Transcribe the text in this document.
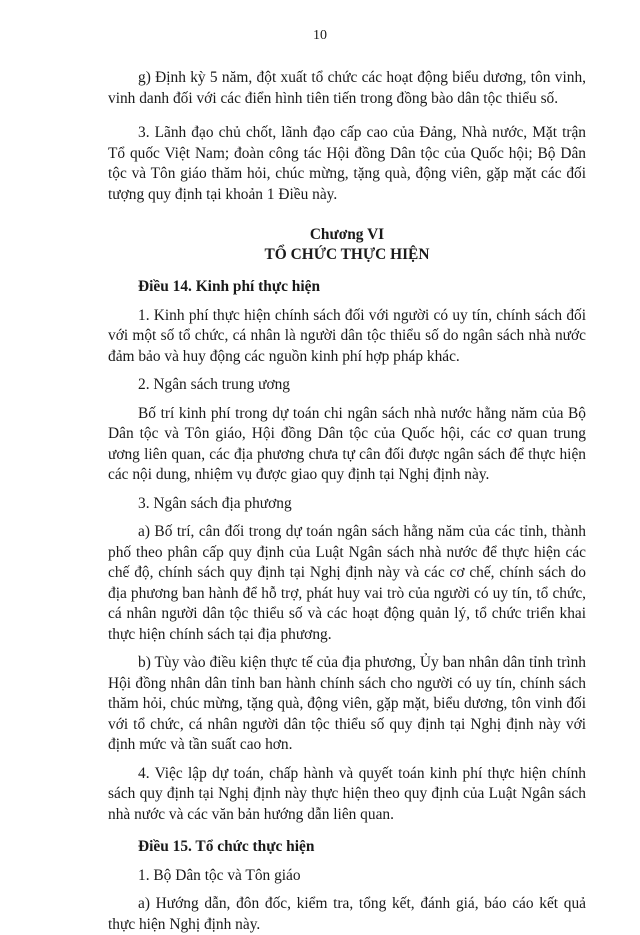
10

g) Định kỳ 5 năm, đột xuất tổ chức các hoạt động biểu dương, tôn vinh, vinh danh đối với các điển hình tiên tiến trong đồng bào dân tộc thiểu số.

3. Lãnh đạo chủ chốt, lãnh đạo cấp cao của Đảng, Nhà nước, Mặt trận Tổ quốc Việt Nam; đoàn công tác Hội đồng Dân tộc của Quốc hội; Bộ Dân tộc và Tôn giáo thăm hỏi, chúc mừng, tặng quà, động viên, gặp mặt các đối tượng quy định tại khoản 1 Điều này.

Chương VI
TỔ CHỨC THỰC HIỆN

Điều 14. Kinh phí thực hiện

1. Kinh phí thực hiện chính sách đối với người có uy tín, chính sách đối với một số tổ chức, cá nhân là người dân tộc thiểu số do ngân sách nhà nước đảm bảo và huy động các nguồn kinh phí hợp pháp khác.

2. Ngân sách trung ương

Bố trí kinh phí trong dự toán chi ngân sách nhà nước hằng năm của Bộ Dân tộc và Tôn giáo, Hội đồng Dân tộc của Quốc hội, các cơ quan trung ương liên quan, các địa phương chưa tự cân đối được ngân sách để thực hiện các nội dung, nhiệm vụ được giao quy định tại Nghị định này.

3. Ngân sách địa phương

a) Bố trí, cân đối trong dự toán ngân sách hằng năm của các tỉnh, thành phố theo phân cấp quy định của Luật Ngân sách nhà nước để thực hiện các chế độ, chính sách quy định tại Nghị định này và các cơ chế, chính sách do địa phương ban hành để hỗ trợ, phát huy vai trò của người có uy tín, tổ chức, cá nhân người dân tộc thiểu số và các hoạt động quản lý, tổ chức triển khai thực hiện chính sách tại địa phương.

b) Tùy vào điều kiện thực tế của địa phương, Ủy ban nhân dân tỉnh trình Hội đồng nhân dân tỉnh ban hành chính sách cho người có uy tín, chính sách thăm hỏi, chúc mừng, tặng quà, động viên, gặp mặt, biểu dương, tôn vinh đối với tổ chức, cá nhân người dân tộc thiểu số quy định tại Nghị định này với định mức và tần suất cao hơn.

4. Việc lập dự toán, chấp hành và quyết toán kinh phí thực hiện chính sách quy định tại Nghị định này thực hiện theo quy định của Luật Ngân sách nhà nước và các văn bản hướng dẫn liên quan.

Điều 15. Tổ chức thực hiện

1. Bộ Dân tộc và Tôn giáo

a) Hướng dẫn, đôn đốc, kiểm tra, tổng kết, đánh giá, báo cáo kết quả thực hiện Nghị định này.
